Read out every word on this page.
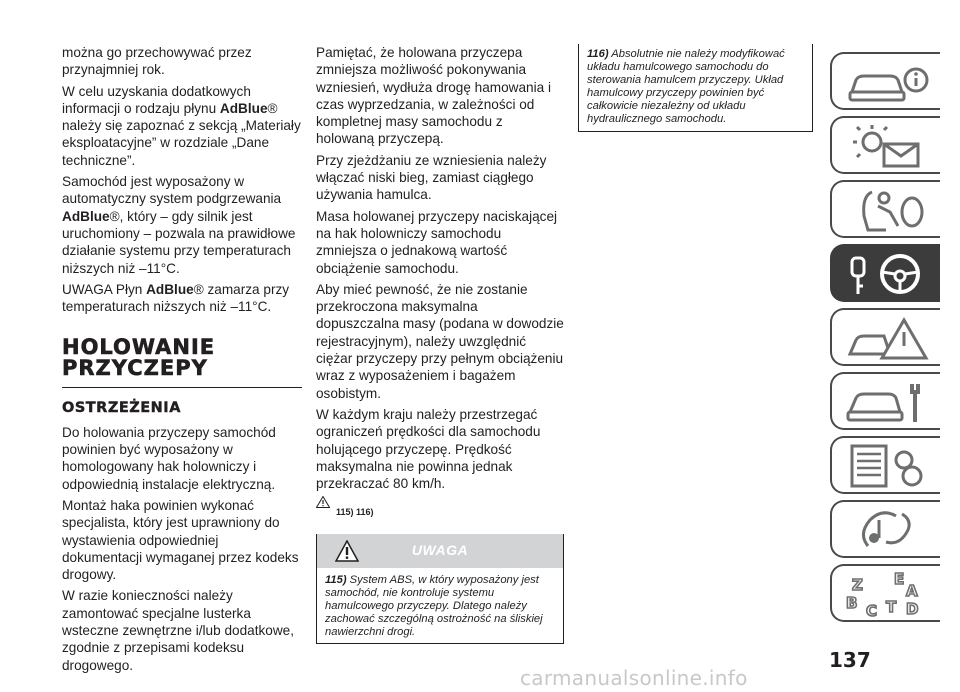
można go przechowywać przez przynajmniej rok.

W celu uzyskania dodatkowych informacji o rodzaju płynu AdBlue® należy się zapoznać z sekcją „Materiały eksploatacyjne” w rozdziale „Dane techniczne”.

Samochód jest wyposażony w automatyczny system podgrzewania AdBlue®, który – gdy silnik jest uruchomiony – pozwala na prawidłowe działanie systemu przy temperaturach niższych niż –11°C.

UWAGA Płyn AdBlue® zamarza przy temperaturach niższych niż –11°C.

HOLOWANIE
PRZYCZEPY
OSTRZEŻENIA

Do holowania przyczepy samochód powinien być wyposażony w homologowany hak holowniczy i odpowiednią instalacje elektryczną.

Montaż haka powinien wykonać specjalista, który jest uprawniony do wystawienia odpowiedniej dokumentacji wymaganej przez kodeks drogowy.

W razie konieczności należy zamontować specjalne lusterka wsteczne zewnętrzne i/lub dodatkowe, zgodnie z przepisami kodeksu drogowego.

Pamiętać, że holowana przyczepa zmniejsza możliwość pokonywania wzniesień, wydłuża drogę hamowania i czas wyprzedzania, w zależności od kompletnej masy samochodu z holowaną przyczepą.

Przy zjeżdżaniu ze wzniesienia należy włączać niski bieg, zamiast ciągłego używania hamulca.

Masa holowanej przyczepy naciskającej na hak holowniczy samochodu zmniejsza o jednakową wartość obciążenie samochodu.

Aby mieć pewność, że nie zostanie przekroczona maksymalna dopuszczalna masy (podana w dowodzie rejestracyjnym), należy uwzględnić ciężar przyczepy przy pełnym obciążeniu wraz z wyposażeniem i bagażem osobistym.

W każdym kraju należy przestrzegać ograniczeń prędkości dla samochodu holującego przyczepę. Prędkość maksymalna nie powinna jednak przekraczać 80 km/h.

115) 116)
UWAGA
115) System ABS, w który wyposażony jest samochód, nie kontroluje systemu hamulcowego przyczepy. Dlatego należy zachować szczególną ostrożność na śliskiej nawierzchni drogi.
116) Absolutnie nie należy modyfikować układu hamulcowego samochodu do sterowania hamulcem przyczepy. Układ hamulcowy przyczepy powinien być całkowicie niezależny od układu hydraulicznego samochodu.
Z E
B C T D
A
137
carmanualsonline.info
